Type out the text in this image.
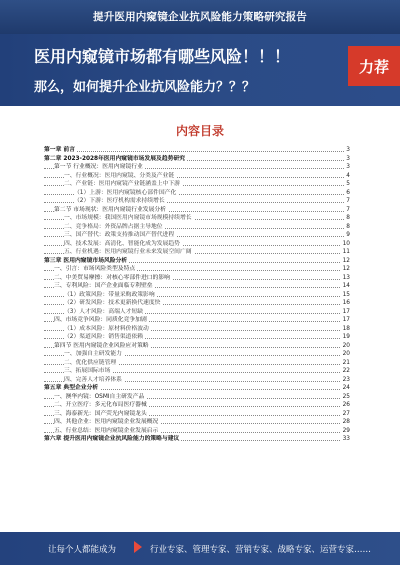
提升医用内窥镜企业抗风险能力策略研究报告
医用内窥镜市场都有哪些风险！！！
那么，如何提升企业抗风险能力？？？
力荐
内容目录
第一章 前言	3
第二章 2023-2028年医用内窥镜市场发展及趋势研究	3
第一节 行业概况：医用内窥镜行业	3
一、行业概况：医用内窥镜、分类及产业链	4
二、产业链：医用内窥镜产业链涵盖上中下游	5
（1）上游：医用内窥镜核心部件国产化	6
（2）下游：医疗机构需求持续增长	7
第二节 市场现状：医用内窥镜行业发展分析	7
一、市场规模：我国医用内窥镜市场规模持续增长	8
二、竞争格局：外资品牌占据主导地位	8
三、国产替代：政策支持推动国产替代进程	9
四、技术发展：高清化、智能化成为发展趋势	10
五、行业机遇：医用内窥镜行业未来发展空间广阔	11
第三章 医用内窥镜市场风险分析	12
一、引言：市场风险类型及特点	12
二、中美贸易摩擦：对核心零部件进口的影响	13
三、专利风险：国产企业面临专利壁垒	14
（1）政策风险：带量采购政策影响	15
（2）研发风险：技术更新换代速度快	16
（3）人才风险：高端人才短缺	17
四、市场竞争风险：同质化竞争加剧	17
（1）成本风险：原材料价格波动	18
（2）渠道风险：销售渠道依赖	19
第四节 医用内窥镜企业风险应对策略	20
一、加强自主研发能力	20
二、优化供应链管理	21
三、拓展国际市场	22
四、完善人才培养体系	23
第五章 典型企业分析	24
一、澳华内镜：OSMI自主研发产品	25
二、开立医疗：多元化布局医疗器械	26
三、海泰新光：国产荧光内窥镜龙头	27
四、其他企业：医用内窥镜企业发展概况	28
五、行业总结：医用内窥镜企业发展启示	29
第六章 提升医用内窥镜企业抗风险能力的策略与建议	33
让每个人都能成为	行业专家、管理专家、营销专家、战略专家、运营专家……
